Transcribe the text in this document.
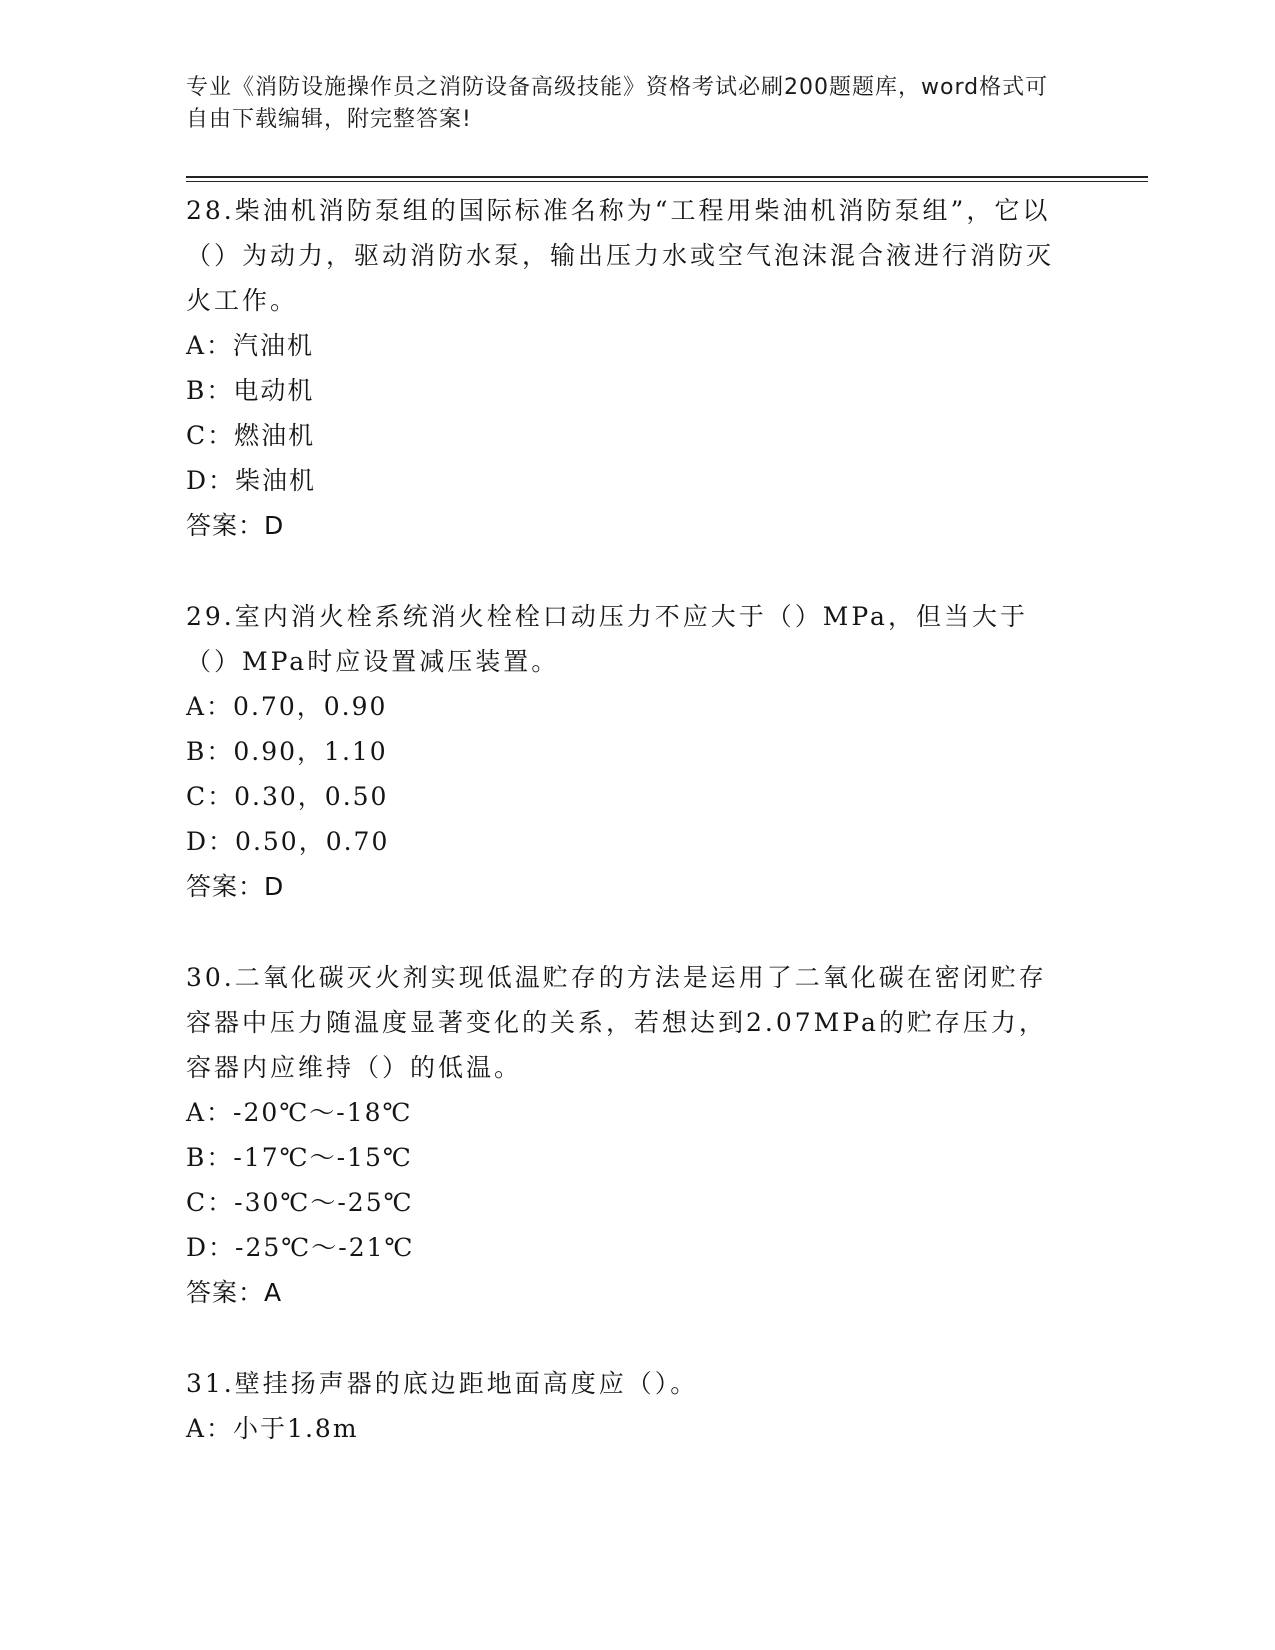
专业《消防设施操作员之消防设备高级技能》资格考试必刷200题题库，word格式可自由下载编辑，附完整答案!

28.柴油机消防泵组的国际标准名称为“工程用柴油机消防泵组”，它以（）为动力，驱动消防水泵，输出压力水或空气泡沫混合液进行消防灭火工作。

A：汽油机

B：电动机

C：燃油机

D：柴油机

答案：D

29.室内消火栓系统消火栓栓口动压力不应大于（）MPa，但当大于（）MPa时应设置减压装置。

A：0.70，0.90

B：0.90，1.10

C：0.30，0.50

D：0.50，0.70

答案：D

30.二氧化碳灭火剂实现低温贮存的方法是运用了二氧化碳在密闭贮存容器中压力随温度显著变化的关系，若想达到2.07MPa的贮存压力，容器内应维持（）的低温。

A：-20℃～-18℃

B：-17℃～-15℃

C：-30℃～-25℃

D：-25℃～-21℃

答案：A

31.壁挂扬声器的底边距地面高度应（）。

A：小于1.8m
